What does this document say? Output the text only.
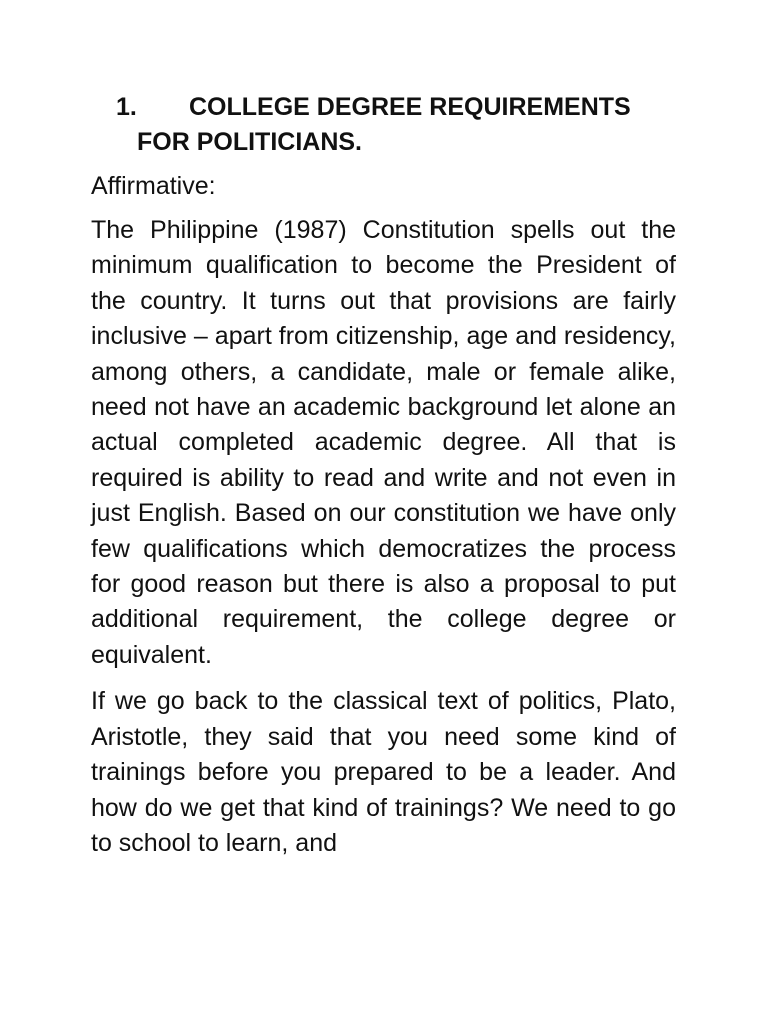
1.	COLLEGE DEGREE REQUIREMENTS
FOR POLITICIANS.

Affirmative:

The Philippine (1987) Constitution spells out the minimum qualification to become the President of the country. It turns out that provisions are fairly inclusive – apart from citizenship, age and residency, among others, a candidate, male or female alike, need not have an academic background let alone an actual completed academic degree. All that is required is ability to read and write and not even in just English. Based on our constitution we have only few qualifications which democratizes the process for good reason but there is also a proposal to put additional requirement, the college degree or equivalent.

If we go back to the classical text of politics, Plato, Aristotle, they said that you need some kind of trainings before you prepared to be a leader. And how do we get that kind of trainings? We need to go to school to learn, and
